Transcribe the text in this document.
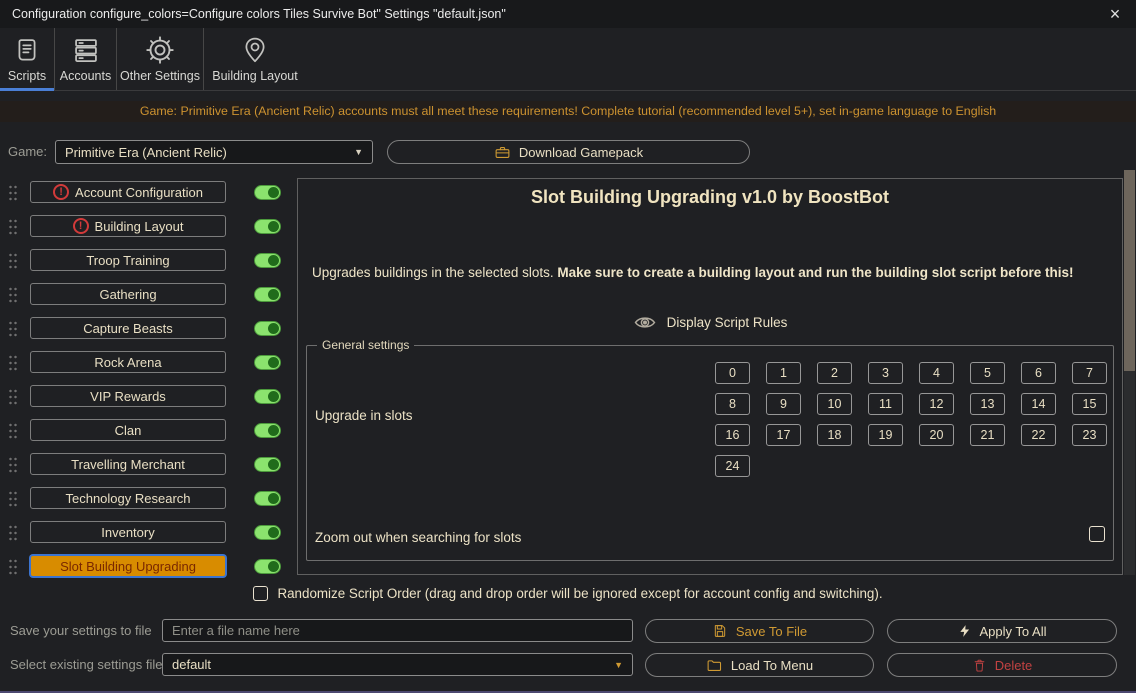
Configuration configure_colors=Configure colors Tiles Survive Bot" Settings "default.json"	×
Scripts Accounts Other Settings Building Layout
Game: Primitive Era (Ancient Relic) accounts must all meet these requirements! Complete tutorial (recommended level 5+), set in-game language to English
Game: Primitive Era (Ancient Relic)	▼	Download Gamepack
! Account Configuration
! Building Layout
Troop Training
Gathering
Capture Beasts
Rock Arena
VIP Rewards
Clan
Travelling Merchant
Technology Research
Inventory
Slot Building Upgrading
Slot Building Upgrading v1.0 by BoostBot
Upgrades buildings in the selected slots. Make sure to create a building layout and run the building slot script before this!
Display Script Rules
General settings
Upgrade in slots
0	1	2	3	4	5	6	7
8	9	10	11	12	13	14	15
16	17	18	19	20	21	22	23
24
Zoom out when searching for slots
Randomize Script Order (drag and drop order will be ignored except for account config and switching).
Save your settings to file
Enter a file name here	Save To File	Apply To All
Select existing settings file default	▼	Load To Menu	Delete
